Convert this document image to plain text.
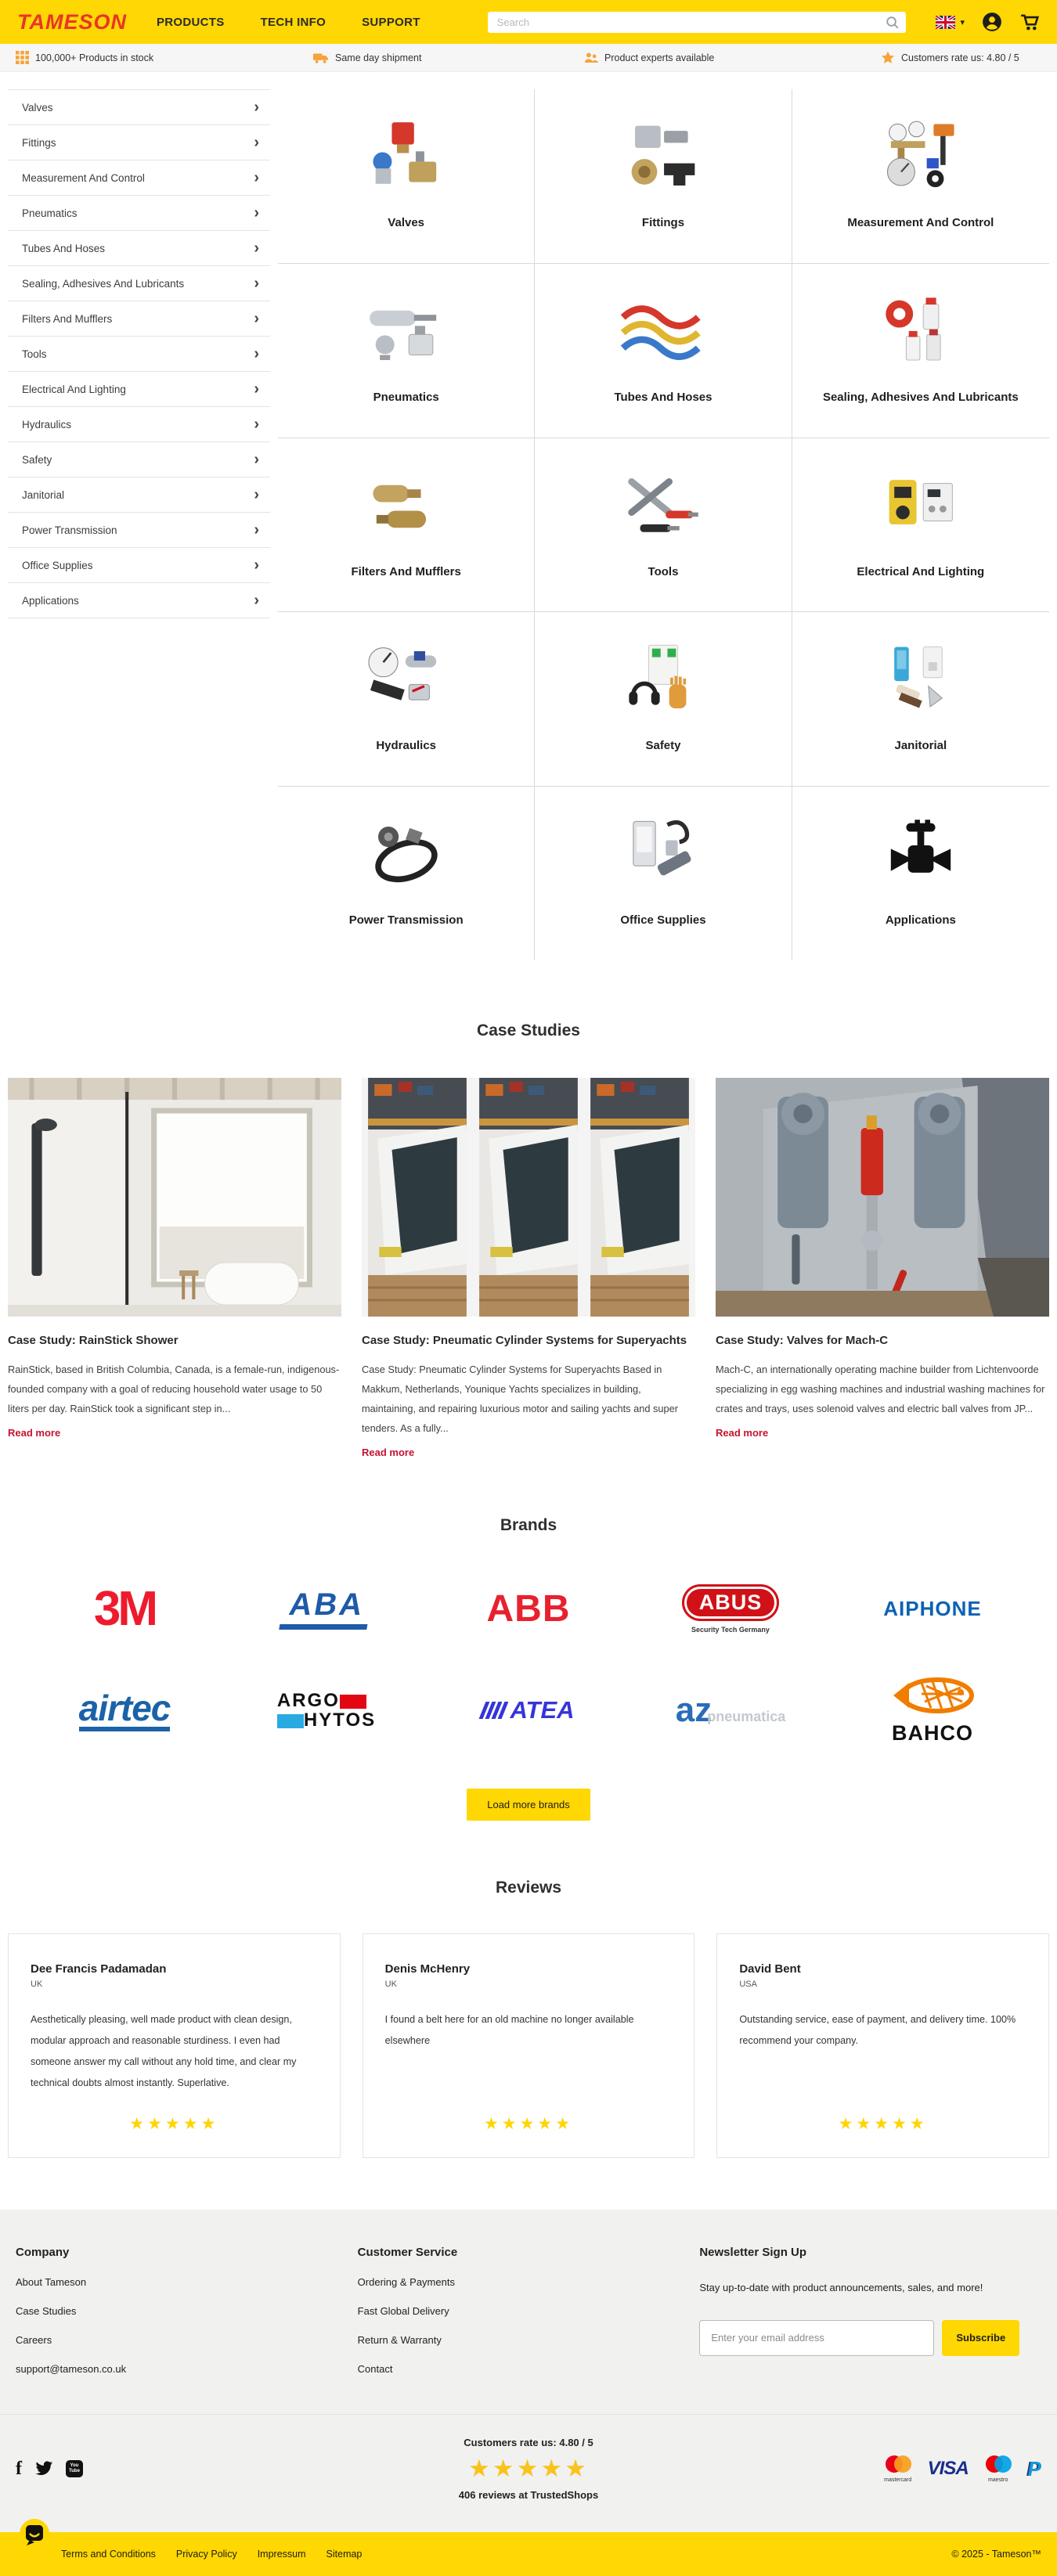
TAMESON	PRODUCTS	TECH INFO	SUPPORT
Search	▾
100,000+ Products in stock	Same day shipment	Product experts available	Customers rate us: 4.80 / 5
Valves	›
Fittings	›
Measurement And Control	›
Pneumatics	›
Tubes And Hoses	›
Sealing, Adhesives And Lubricants	›
Filters And Mufflers	›
Tools	›
Electrical And Lighting	›
Hydraulics	›
Safety	›
Janitorial	›
Power Transmission	›
Office Supplies	›
Applications	›
Valves	Fittings	Measurement And Control
Pneumatics	Tubes And Hoses	Sealing, Adhesives And Lubricants
Filters And Mufflers	Tools	Electrical And Lighting
Hydraulics	Safety	Janitorial
Power Transmission	Office Supplies	Applications
Case Studies
Case Study: RainStick Shower

RainStick, based in British Columbia, Canada, is a female-run, indigenous-founded company with a goal of reducing household water usage to 50 liters per day. RainStick took a significant step in...

Read more
Case Study: Pneumatic Cylinder Systems for Superyachts

Case Study: Pneumatic Cylinder Systems for Superyachts Based in Makkum, Netherlands, Younique Yachts specializes in building, maintaining, and repairing luxurious motor and sailing yachts and super tenders. As a fully...

Read more
Case Study: Valves for Mach-C

Mach-C, an internationally operating machine builder from Lichtenvoorde specializing in egg washing machines and industrial washing machines for crates and trays, uses solenoid valves and electric ball valves from JP...

Read more
Brands
3M	ABA	ABB	ABUS
Security Tech Germany
AIPHONE
airtec	ARGO
HYTOS	ATEA	az
pneumatica
BAHCO
Load more brands
Reviews
Dee Francis Padamadan
UK

Aesthetically pleasing, well made product with clean design, modular approach and reasonable sturdiness. I even had someone answer my call without any hold time, and clear my technical doubts almost instantly. Superlative.

★★★★★
Denis McHenry
UK

I found a belt here for an old machine no longer available elsewhere

★★★★★
David Bent
USA

Outstanding service, ease of payment, and delivery time. 100% recommend your company.

★★★★★
Company
About Tameson
Case Studies
Careers
support@tameson.co.uk
Customer Service
Ordering & Payments
Fast Global Delivery
Return & Warranty
Contact
Newsletter Sign Up

Stay up-to-date with product announcements, sales, and more!

Enter your email address
Subscribe
f	You
Tube
Customers rate us: 4.80 / 5
★★★★★
406 reviews at TrustedShops
mastercard
VISA
maestro P
Terms and Conditions Privacy Policy Impressum Sitemap	© 2025 - Tameson™
